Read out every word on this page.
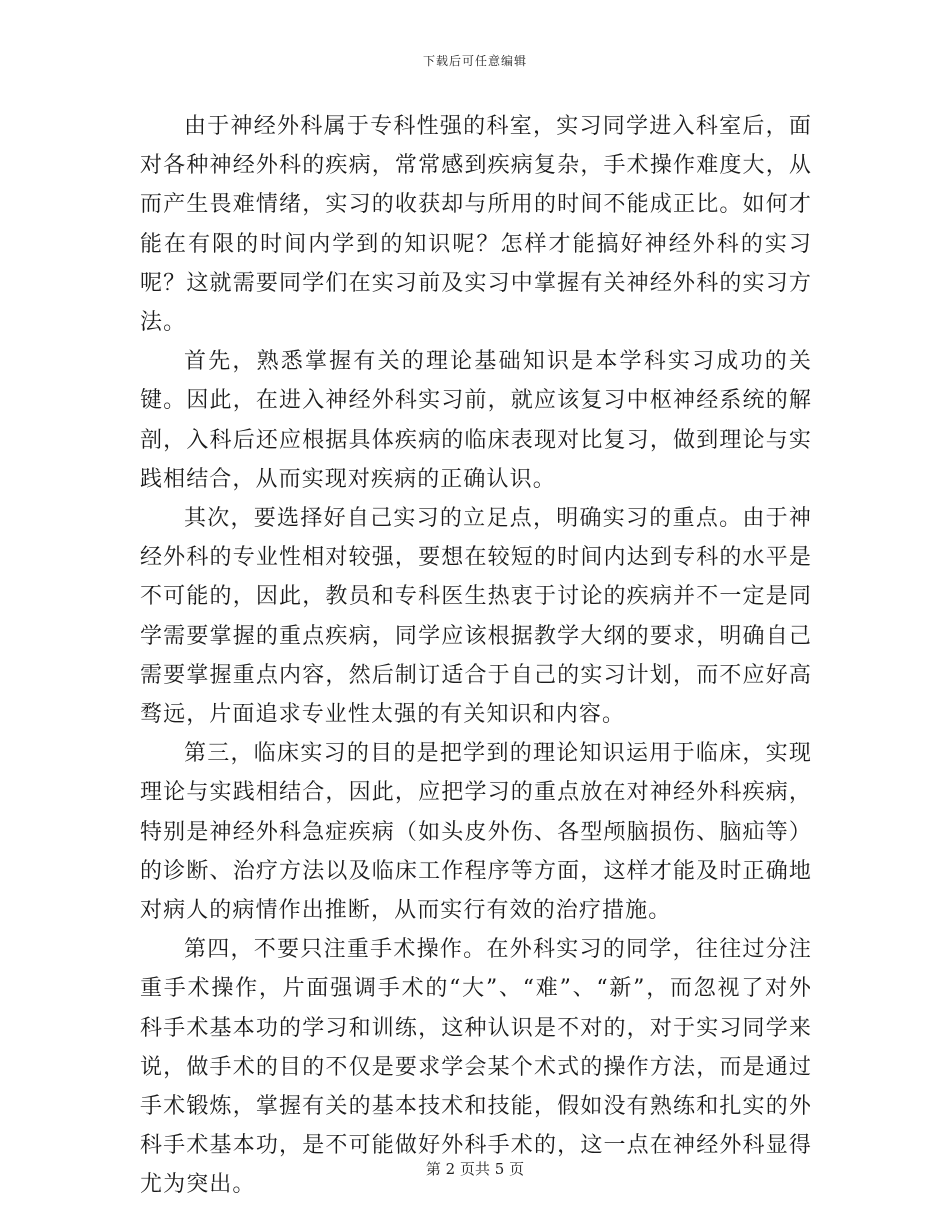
下载后可任意编辑

由于神经外科属于专科性强的科室，实习同学进入科室后，面对各种神经外科的疾病，常常感到疾病复杂，手术操作难度大，从而产生畏难情绪，实习的收获却与所用的时间不能成正比。如何才能在有限的时间内学到的知识呢？怎样才能搞好神经外科的实习呢？这就需要同学们在实习前及实习中掌握有关神经外科的实习方法。

首先，熟悉掌握有关的理论基础知识是本学科实习成功的关键。因此，在进入神经外科实习前，就应该复习中枢神经系统的解剖，入科后还应根据具体疾病的临床表现对比复习，做到理论与实践相结合，从而实现对疾病的正确认识。

其次，要选择好自己实习的立足点，明确实习的重点。由于神经外科的专业性相对较强，要想在较短的时间内达到专科的水平是不可能的，因此，教员和专科医生热衷于讨论的疾病并不一定是同学需要掌握的重点疾病，同学应该根据教学大纲的要求，明确自己需要掌握重点内容，然后制订适合于自己的实习计划，而不应好高骛远，片面追求专业性太强的有关知识和内容。

第三，临床实习的目的是把学到的理论知识运用于临床，实现理论与实践相结合，因此，应把学习的重点放在对神经外科疾病，特别是神经外科急症疾病（如头皮外伤、各型颅脑损伤、脑疝等）的诊断、治疗方法以及临床工作程序等方面，这样才能及时正确地对病人的病情作出推断，从而实行有效的治疗措施。

第四，不要只注重手术操作。在外科实习的同学，往往过分注重手术操作，片面强调手术的“大”、“难”、“新”，而忽视了对外科手术基本功的学习和训练，这种认识是不对的，对于实习同学来说，做手术的目的不仅是要求学会某个术式的操作方法，而是通过手术锻炼，掌握有关的基本技术和技能，假如没有熟练和扎实的外科手术基本功，是不可能做好外科手术的，这一点在神经外科显得尤为突出。

第 2 页共 5 页
